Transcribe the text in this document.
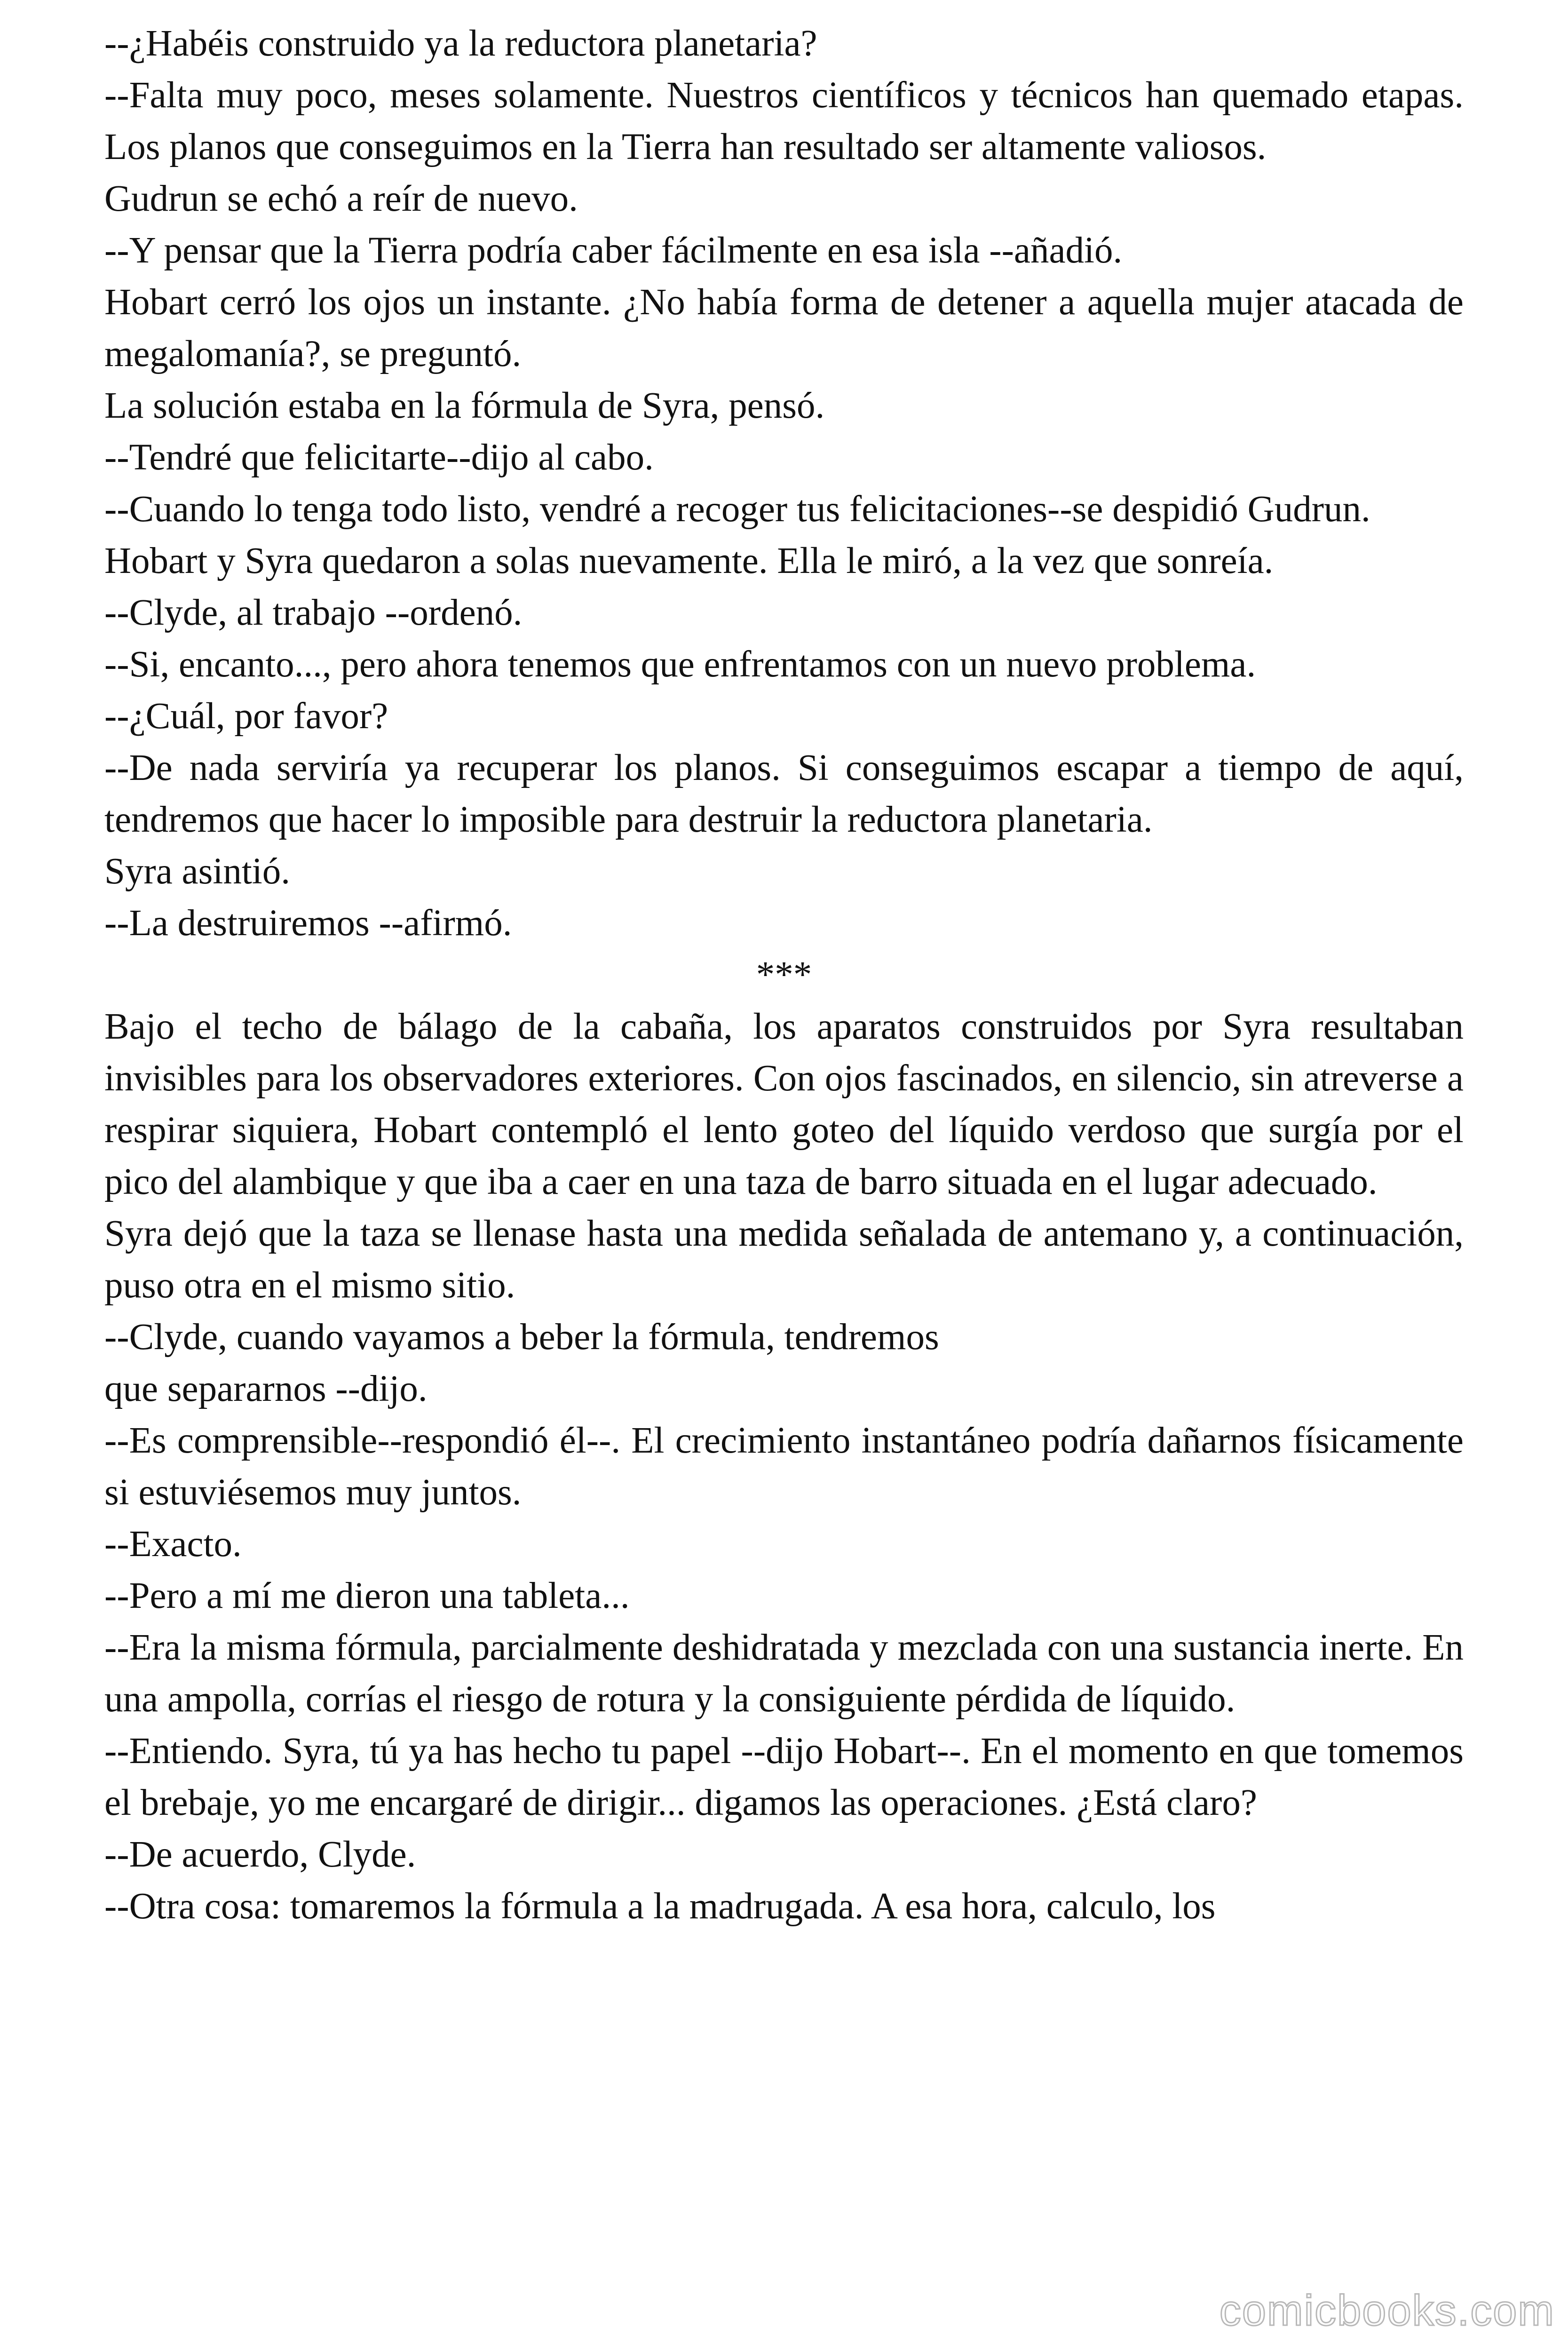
--¿Habéis construido ya la reductora planetaria?

--Falta muy poco, meses solamente. Nuestros científicos y técnicos han quemado etapas. Los planos que conseguimos en la Tierra han resultado ser altamente valiosos.

Gudrun se echó a reír de nuevo.

--Y pensar que la Tierra podría caber fácilmente en esa isla --añadió.

Hobart cerró los ojos un instante. ¿No había forma de detener a aquella mujer atacada de megalomanía?, se preguntó.

La solución estaba en la fórmula de Syra, pensó.

--Tendré que felicitarte--dijo al cabo.

--Cuando lo tenga todo listo, vendré a recoger tus felicitaciones--se despidió Gudrun.

Hobart y Syra quedaron a solas nuevamente. Ella le miró, a la vez que sonreía.

--Clyde, al trabajo --ordenó.

--Si, encanto..., pero ahora tenemos que enfrentamos con un nuevo problema.

--¿Cuál, por favor?

--De nada serviría ya recuperar los planos. Si conseguimos escapar a tiempo de aquí, tendremos que hacer lo imposible para destruir la reductora planetaria.

Syra asintió.

--La destruiremos --afirmó.

***

Bajo el techo de bálago de la cabaña, los aparatos construidos por Syra resultaban invisibles para los observadores exteriores. Con ojos fascinados, en silencio, sin atreverse a respirar siquiera, Hobart contempló el lento goteo del líquido verdoso que surgía por el pico del alambique y que iba a caer en una taza de barro situada en el lugar adecuado.

Syra dejó que la taza se llenase hasta una medida señalada de antemano y, a continuación, puso otra en el mismo sitio.

--Clyde, cuando vayamos a beber la fórmula, tendremos

que separarnos --dijo.

--Es comprensible--respondió él--. El crecimiento instantáneo podría dañarnos físicamente si estuviésemos muy juntos.

--Exacto.

--Pero a mí me dieron una tableta...

--Era la misma fórmula, parcialmente deshidratada y mezclada con una sustancia inerte. En una ampolla, corrías el riesgo de rotura y la consiguiente pérdida de líquido.

--Entiendo. Syra, tú ya has hecho tu papel --dijo Hobart--. En el momento en que tomemos el brebaje, yo me encargaré de dirigir... digamos las operaciones. ¿Está claro?

--De acuerdo, Clyde.

--Otra cosa: tomaremos la fórmula a la madrugada. A esa hora, calculo, los

comicbooks.com
